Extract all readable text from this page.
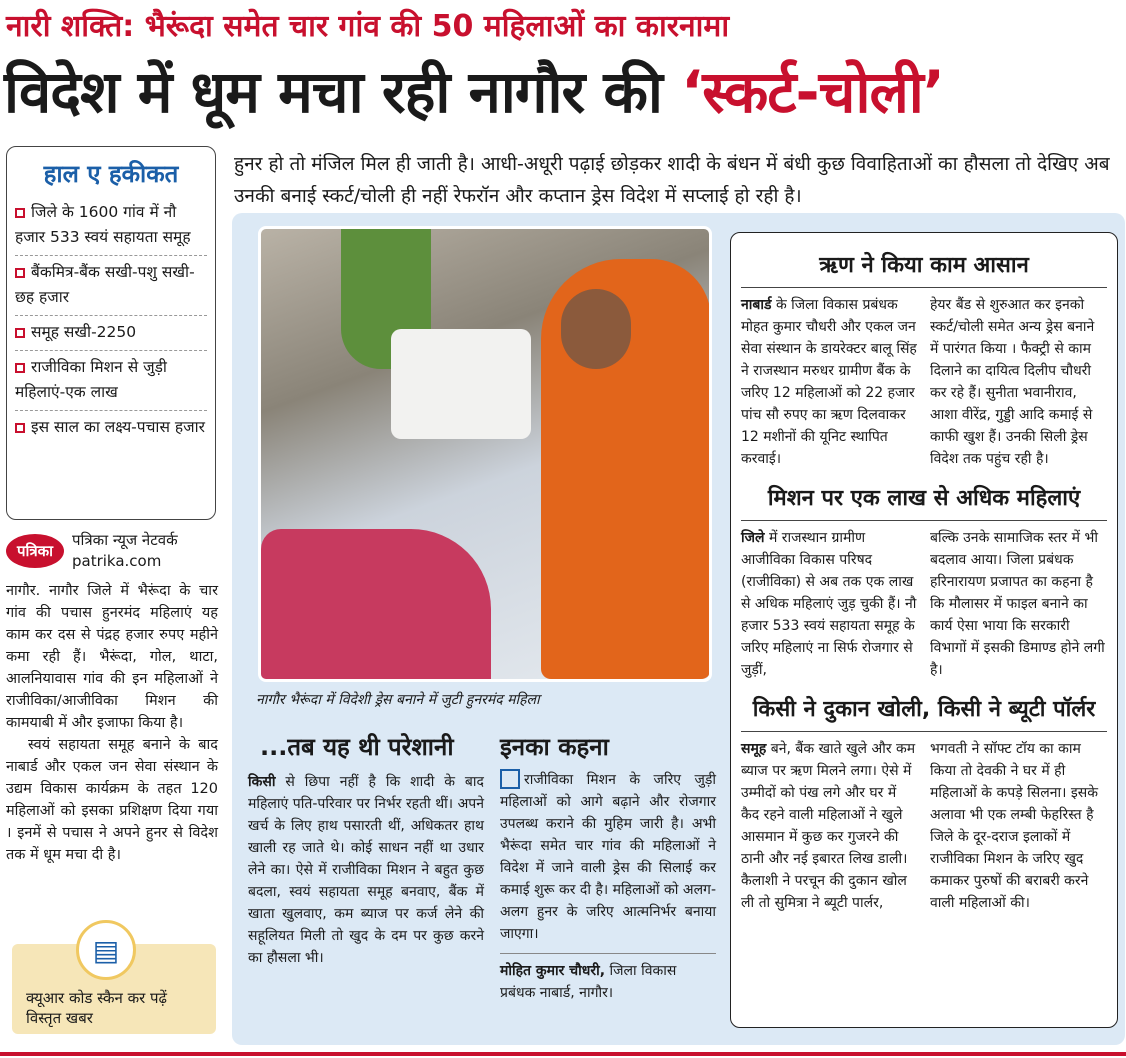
नारी शक्ति: भैरूंदा समेत चार गांव की 50 महिलाओं का कारनामा
विदेश में धूम मचा रही नागौर की ‘स्कर्ट-चोली’
हुनर हो तो मंजिल मिल ही जाती है। आधी-अधूरी पढ़ाई छोड़कर शादी के बंधन में बंधी कुछ विवाहिताओं का हौसला तो देखिए अब उनकी बनाई स्कर्ट/चोली ही नहीं रेफरॉन और कप्तान ड्रेस विदेश में सप्लाई हो रही है।
हाल ए हकीकत
जिले के 1600 गांव में नौ हजार 533 स्वयं सहायता समूह
बैंकमित्र-बैंक सखी-पशु सखी-छह हजार
समूह सखी-2250
राजीविका मिशन से जुड़ी महिलाएं-एक लाख
इस साल का लक्ष्य-पचास हजार
पत्रिका
पत्रिका न्यूज नेटवर्क
patrika.com

नागौर. नागौर जिले में भैरूंदा के चार गांव की पचास हुनरमंद महिलाएं यह काम कर दस से पंद्रह हजार रुपए महीने कमा रही हैं। भैरूंदा, गोल, थाटा, आलनियावास गांव की इन महिलाओं ने राजीविका/आजीविका मिशन की कामयाबी में और इजाफा किया है।

स्वयं सहायता समूह बनाने के बाद नाबार्ड और एकल जन सेवा संस्थान के उद्यम विकास कार्यक्रम के तहत 120 महिलाओं को इसका प्रशिक्षण दिया गया । इनमें से पचास ने अपने हुनर से विदेश तक में धूम मचा दी है।

▤
क्यूआर कोड स्कैन कर पढ़ें विस्तृत खबर
नागौर भैरूंदा में विदेशी ड्रेस बनाने में जुटी हुनरमंद महिला
...तब यह थी परेशानी
किसी से छिपा नहीं है कि शादी के बाद महिलाएं पति-परिवार पर निर्भर रहती थीं। अपने खर्च के लिए हाथ पसारती थीं, अधिकतर हाथ खाली रह जाते थे। कोई साधन नहीं था उधार लेने का। ऐसे में राजीविका मिशन ने बहुत कुछ बदला, स्वयं सहायता समूह बनवाए, बैंक में खाता खुलवाए, कम ब्याज पर कर्ज लेने की सहूलियत मिली तो खुद के दम पर कुछ करने का हौसला भी।
इनका कहना
राजीविका मिशन के जरिए जुड़ी महिलाओं को आगे बढ़ाने और रोजगार उपलब्ध कराने की मुहिम जारी है। अभी भैरूंदा समेत चार गांव की महिलाओं ने विदेश में जाने वाली ड्रेस की सिलाई कर कमाई शुरू कर दी है। महिलाओं को अलग-अलग हुनर के जरिए आत्मनिर्भर बनाया जाएगा।
मोहित कुमार चौधरी, जिला विकास प्रबंधक नाबार्ड, नागौर।
ऋण ने किया काम आसान
नाबार्ड के जिला विकास प्रबंधक मोहत कुमार चौधरी और एकल जन सेवा संस्थान के डायरेक्टर बालू सिंह ने राजस्थान मरुधर ग्रामीण बैंक के जरिए 12 महिलाओं को 22 हजार पांच सौ रुपए का ऋण दिलवाकर 12 मशीनों की यूनिट स्थापित करवाई।
हेयर बैंड से शुरुआत कर इनको स्कर्ट/चोली समेत अन्य ड्रेस बनाने में पारंगत किया । फैक्ट्री से काम दिलाने का दायित्व दिलीप चौधरी कर रहे हैं। सुनीता भवानीराव, आशा वीरेंद्र, गुड्डी आदि कमाई से काफी खुश हैं। उनकी सिली ड्रेस विदेश तक पहुंच रही है।
मिशन पर एक लाख से अधिक महिलाएं
जिले में राजस्थान ग्रामीण आजीविका विकास परिषद (राजीविका) से अब तक एक लाख से अधिक महिलाएं जुड़ चुकी हैं। नौ हजार 533 स्वयं सहायता समूह के जरिए महिलाएं ना सिर्फ रोजगार से जुड़ीं,
बल्कि उनके सामाजिक स्तर में भी बदलाव आया। जिला प्रबंधक हरिनारायण प्रजापत का कहना है कि मौलासर में फाइल बनाने का कार्य ऐसा भाया कि सरकारी विभागों में इसकी डिमाण्ड होने लगी है।
किसी ने दुकान खोली, किसी ने ब्यूटी पॉर्लर
समूह बने, बैंक खाते खुले और कम ब्याज पर ऋण मिलने लगा। ऐसे में उम्मीदों को पंख लगे और घर में कैद रहने वाली महिलाओं ने खुले आसमान में कुछ कर गुजरने की ठानी और नई इबारत लिख डाली। कैलाशी ने परचून की दुकान खोल ली तो सुमित्रा ने ब्यूटी पार्लर,
भगवती ने सॉफ्ट टॉय का काम किया तो देवकी ने घर में ही महिलाओं के कपड़े सिलना। इसके अलावा भी एक लम्बी फेहरिस्त है जिले के दूर-दराज इलाकों में राजीविका मिशन के जरिए खुद कमाकर पुरुषों की बराबरी करने वाली महिलाओं की।
